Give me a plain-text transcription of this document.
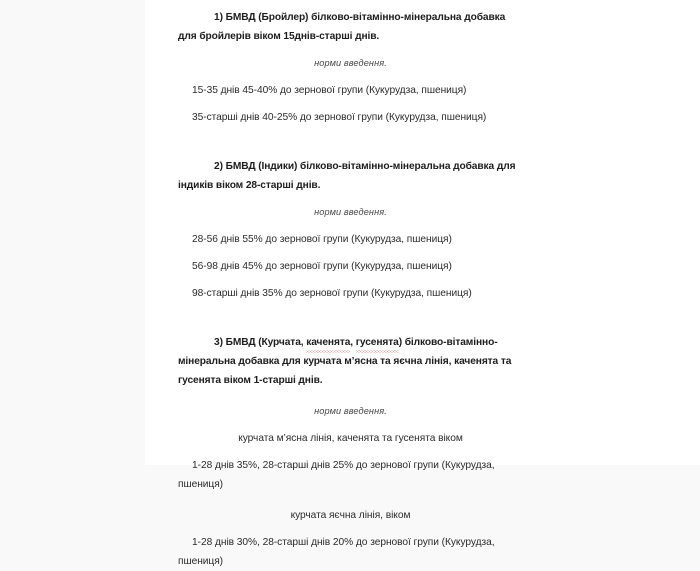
1) БМВД (Бройлер) білково-вітамінно-мінеральна добавка для бройлерів віком 15днів-старші днів.

норми введення.

15-35 днів 45-40% до зернової групи (Кукурудза, пшениця)

35-старші днів 40-25% до зернової групи (Кукурудза, пшениця)

2) БМВД (Індики) білково-вітамінно-мінеральна добавка для індиків віком 28-старші днів.

норми введення.

28-56 днів 55% до зернової групи (Кукурудза, пшениця)

56-98 днів 45% до зернової групи (Кукурудза, пшениця)

98-старші днів 35% до зернової групи (Кукурудза, пшениця)

3) БМВД (Курчата, каченята, гусенята) білково-вітамінно-мінеральна добавка для курчата м’ясна та яєчна лінія, каченята та гусенята віком 1-старші днів.

норми введення.

курчата м’ясна лінія, каченята та гусенята віком

1-28 днів 35%, 28-старші днів 25% до зернової групи (Кукурудза, пшениця)

курчата яєчна лінія, віком

1-28 днів 30%, 28-старші днів 20% до зернової групи (Кукурудза, пшениця)
